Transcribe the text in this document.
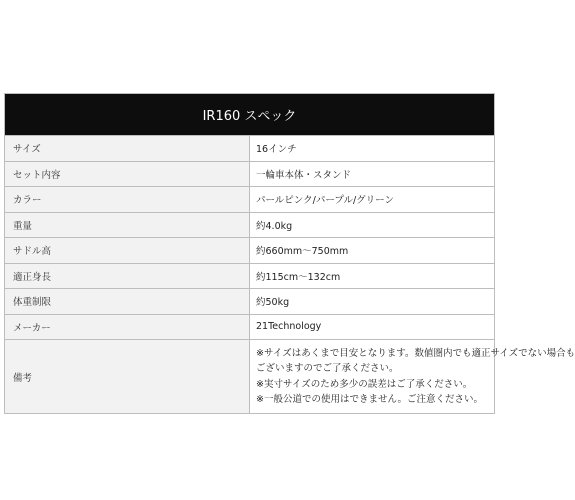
IR160 スペック	
サイズ	16インチ
セット内容	一輪車本体・スタンド
カラー	パールピンク/パープル/グリーン
重量	約4.0kg
サドル高	約660mm～750mm
適正身長	約115cm～132cm
体重制限	約50kg
メーカー	21Technology
備考	※サイズはあくまで目安となります。数値圏内でも適正サイズでない場合も
ございますのでご了承ください。
※実寸サイズのため多少の誤差はご了承ください。
※一般公道での使用はできません。ご注意ください。
